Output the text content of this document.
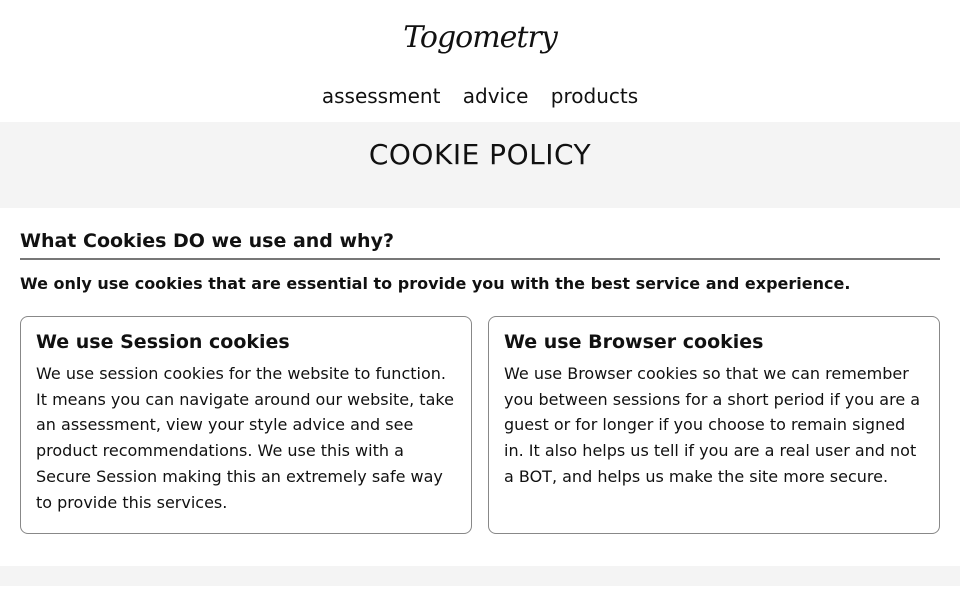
Togometry
assessment advice products
COOKIE POLICY
What Cookies DO we use and why?

We only use cookies that are essential to provide you with the best service and experience.

We use Session cookies

We use session cookies for the website to function. It means you can navigate around our website, take an assessment, view your style advice and see product recommendations. We use this with a Secure Session making this an extremely safe way to provide this services.

We use Browser cookies

We use Browser cookies so that we can remember you between sessions for a short period if you are a guest or for longer if you choose to remain signed in. It also helps us tell if you are a real user and not a BOT, and helps us make the site more secure.
